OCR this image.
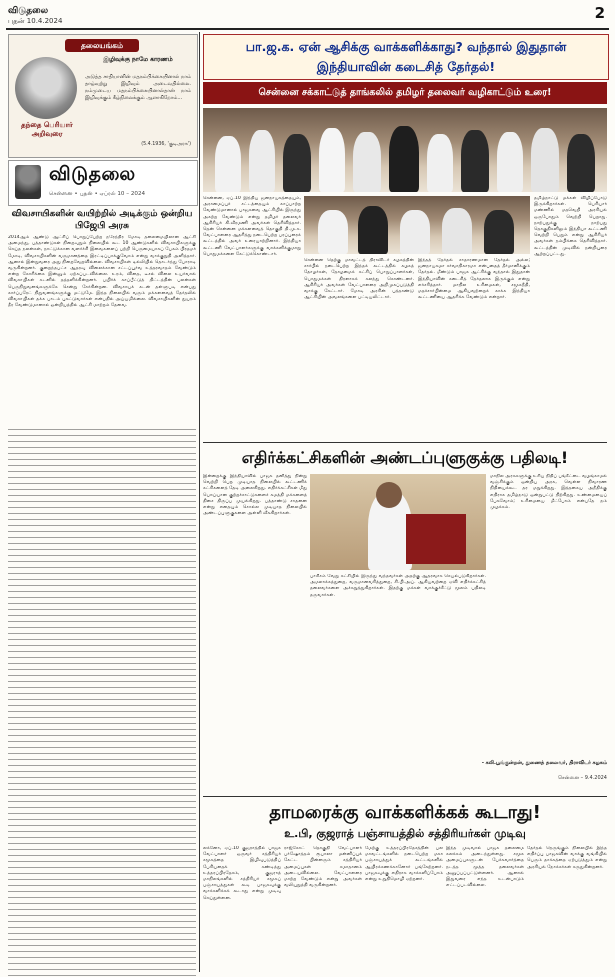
விடுதலை
புதன் 10.4.2024	2
தலையங்கம்
தந்தை பெரியார் அறிவுரை
இழிவுக்கு நாமே காரணம்
அடுத்த சாதியானின் மதநம்பிக்கையினால் நாம் தாழ்வுற்று இழிவும் அடைவதில்லை. நம்முடைய மதநம்பிக்கையினால்தான் நாம் இழிவுக்கும் கீழ்நிலைக்கும் ஆளாகிறோம்...
(5.4.1936, 'குடிஅரசு')
விடுதலை
சென்னை • புதன் • ஏப்ரல் 10 – 2024
விவசாயிகளின் வயிற்றில் அடிக்கும் ஒன்றிய பிஜேபி அரசு
2014ஆம் ஆண்டு ஆட்சிப் பொறுப்பேற்ற நரேந்திர மோடி தலைமையிலான ஆட்சி அமைந்து, பத்தாண்டுகள் நிறைவுறும் நிலையில் கூட 10 ஆண்டுகளில் விவசாயிகளுக்கு செய்த நலன்கள், நாட்டுக்கான வளர்ச்சி இவைகளைப் பற்றி பெருமையாகப் பேசும் பிரதமர் மோடி, விவசாயிகளின் வருமானத்தை இரட்டிப்பாக்குவோம் என்று வாக்குறுதி அளித்தார். ஆனால் இன்றுவரை அது நிறைவேறவில்லை. விவசாயிகள் டில்லியில் தொடர்ந்து போராடி வருகின்றனர். குறைந்தபட்ச ஆதரவு விலைக்கான சட்டப்பூர்வ உத்தரவாதம் வேண்டும் என்ற கோரிக்கை இன்னும் ஏற்கப்படவில்லை. உரம், விதை, டீசல் விலை உயர்வால் விவசாயிகள் கடனில் தத்தளிக்கின்றனர். பயிர்க் காப்பீட்டுத் திட்டத்தின் பலன்கள் பெருநிறுவனங்களுக்கே சென்று சேர்கின்றன. விவசாயக் கடன் தள்ளுபடி என்பது கார்ப்பரேட் நிறுவனங்களுக்கு மட்டுமே. இந்த நிலையில் வரும் மக்களவைத் தேர்தலில் விவசாயிகள் தக்க பாடம் புகட்டுவார்கள் என்பதில் அய்யமில்லை. விவசாயிகளின் துயரம் தீர வேண்டுமானால் ஒன்றியத்தில் ஆட்சி மாற்றம் தேவை.
பா.ஜ.க. ஏன் ஆசிக்கு வாக்களிக்காது? வந்தால் இதுதான் இந்தியாவின் கடைசித் தேர்தல்!
சென்னை சக்காட்டுத் தாங்கலில் தமிழர் தலைவர் வழிகாட்டும் உரை!
சென்னை, ஏப்.10 இந்திய ஜனநாயகத்தையும், அரசமைப்புச் சட்டத்தையும் காப்பாற்ற வேண்டுமானால் பாஜகவை ஆட்சியில் இருந்து அகற்ற வேண்டும் என்று தமிழர் தலைவர் ஆசிரியர் கி.வீரமணி அவர்கள் தெரிவித்தார். தென் சென்னை மக்களவைத் தொகுதி தி.மு.க. வேட்பாளரை ஆதரித்து நடைபெற்ற பரப்புரைக் கூட்டத்தில் அவர் உரையாற்றினார். இந்தியா கூட்டணி வேட்பாளர்களுக்கு வாக்களிக்குமாறு பொதுமக்களை கேட்டுக்கொண்டார்.
சென்னை தெற்கு மாவட்டத் திராவிடர் கழகத்தின் சார்பில் நடைபெற்ற இந்தக் கூட்டத்தில் கழகத் தோழர்கள், தோழமைக் கட்சிப் பொறுப்பாளர்கள், பொதுமக்கள் திரளாகக் கலந்து கொண்டனர். ஆசிரியர் அவர்கள் வேட்பாளரை அறிமுகப்படுத்தி வாக்கு கேட்டார். மோடி அரசின் பத்தாண்டு ஆட்சியின் அவலங்களை பட்டியலிட்டார்.
இந்தத் தேர்தல் சாதாரணமான தேர்தல் அல்ல; ஜனநாயகமா சர்வாதிகாரமா என்பதைத் தீர்மானிக்கும் தேர்தல். மீண்டும் பாஜக ஆட்சிக்கு வந்தால் இதுதான் இந்தியாவின் கடைசித் தேர்தலாக இருக்கும் என்று எச்சரித்தார். மாநில உரிமைகள், சமூகநீதி, மதச்சார்பின்மை ஆகியவற்றைக் காக்க இந்தியா கூட்டணியை ஆதரிக்க வேண்டும் என்றார்.
தமிழ்நாட்டு மக்கள் விழிப்போடு இருக்கிறார்கள். பெரியார் மண்ணில் மதவெறி அரசியல் ஒருபோதும் வெற்றி பெறாது. நாற்பதுக்கு நாற்பது தொகுதிகளிலும் இந்தியா கூட்டணி வெற்றி பெறும் என்று ஆசிரியர் அவர்கள் நம்பிக்கை தெரிவித்தார். கூட்டத்தின் முடிவில் நன்றியுரை ஆற்றப்பட்டது.
எதிர்க்கட்சிகளின் அண்டப்புளுகுக்கு பதிலடி!
இன்றைக்கு இந்தியாவில் பாஜக தனித்து நின்று வெற்றி பெற முடியாத நிலையில் கூட்டணிக் கட்சிகளைத் தேடி அலைகிறது. எதிர்க்கட்சிகள் மீது பொய்யான குற்றச்சாட்டுகளைச் சுமத்தி மக்களைத் திசை திருப்ப முயல்கிறது. பத்தாண்டு சாதனை என்று எதையும் சொல்ல முடியாத நிலையில் அண்டப்புளுகுகளை அள்ளி வீசுகிறார்கள்.
பாசிசம் வேறு கட்சியில் இருந்து வந்தவர்கள் அதற்கு ஆதரவாக செயல்படுகிறார்கள். அமலாக்கத்துறை, வருமானவரித்துறை, சி.பி.அய். ஆகியவற்றை ஏவி எதிர்க்கட்சித் தலைவர்களை அச்சுறுத்துகிறார்கள். இதற்கு மக்கள் வாக்குச்சீட்டு மூலம் பதிலடி தருவார்கள்.
மாநில அரசுகளுக்கு உரிய நிதிப் பங்கீட்டை வழங்காமல் வஞ்சிக்கும் ஒன்றிய அரசு, வெள்ள நிவாரண நிதியைக்கூட தர மறுக்கிறது. இத்தகைய அநீதிக்கு எதிராக தமிழ்நாடு ஒன்றுபட்டு நிற்கிறது. உண்மையைப் பேசுவோம்; உரிமையை மீட்போம் என்பதே நம் முழக்கம்.
- கலி.பூங்குன்றன், துணைத் தலைவர், திராவிடர் கழகம்
சென்னை – 9.4.2024
தாமரைக்கு வாக்களிக்கக் கூடாது!
உ.பி, குஜராத் பஞ்சாயத்தில் சத்திரியர்கள் முடிவு
லக்னோ, ஏப்.10 குஜராத்தில் பாஜக வேட்பாளர் ஒருவர் சத்திரியர் சமூகத்தை இழிவுபடுத்திப் பேசியதைக் கண்டித்து உத்தரப்பிரதேசம், குஜராத் மாநிலங்களில் சத்திரியர் சமூகப் பஞ்சாயத்துகள் கூடி பாஜகவுக்கு வாக்களிக்கக் கூடாது என்று முடிவு செய்துள்ளன.
ராஜ்கோட் தொகுதி வேட்பாளர் பர்ஷோத்தம் ரூபாலா மன்னிப்புக் கேட்ட பின்னரும் சத்திரியர் அமைப்புகள் சமாதானம் அடையவில்லை. வேட்பாளரை மாற்ற வேண்டும் என்று அவர்கள் வலியுறுத்தி வருகின்றனர்.
மேற்கு உத்தரப்பிரதேசத்தின் பல மாவட்டங்களில் நடைபெற்ற மகா பஞ்சாயத்துக் கூட்டங்களில் ஆயிரக்கணக்கானோர் பங்கேற்றனர். பாஜகவுக்கு எதிராக வாக்களிப்போம் என்று உறுதிமொழி ஏற்றனர்.
இந்த முடிவால் பாஜக தலைமை கலக்கம் அடைந்துள்ளது. சமூக அமைப்புகளுடன் பேச்சுவார்த்தை நடத்த மூத்த தலைவர்கள் அனுப்பப்பட்டுள்ளனர். ஆனால் இதுவரை எந்த உடன்பாடும் எட்டப்படவில்லை.
தேர்தல் நெருங்கும் நிலையில் இந்த எதிர்ப்பு பாஜகவின் வாக்கு வங்கியில் பெரும் தாக்கத்தை ஏற்படுத்தும் என்று அரசியல் நோக்கர்கள் கருதுகின்றனர்.
